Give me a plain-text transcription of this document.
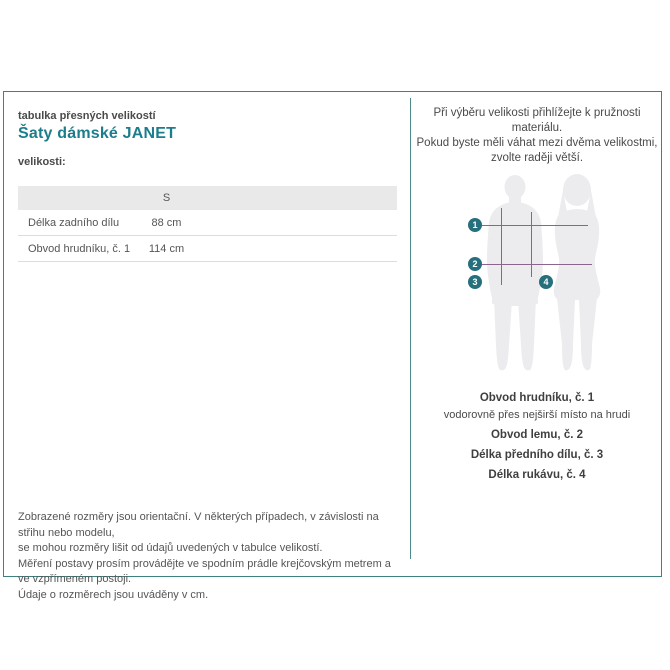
tabulka přesných velikostí
Šaty dámské JANET
velikosti:
S
Délka zadního dílu	88 cm
Obvod hrudníku, č. 1	114 cm
Zobrazené rozměry jsou orientační. V některých případech, v závislosti na střihu nebo modelu,
se mohou rozměry lišit od údajů uvedených v tabulce velikostí.
Měření postavy prosím provádějte ve spodním prádle krejčovským metrem a ve vzpřímeném postoji.
Údaje o rozměrech jsou uváděny v cm.
Při výběru velikosti přihlížejte k pružnosti materiálu.
Pokud byste měli váhat mezi dvěma velikostmi,
zvolte raději větší.
1
2
3	4
Obvod hrudníku, č. 1
vodorovně přes nejširší místo na hrudi
Obvod lemu, č. 2
Délka předního dílu, č. 3
Délka rukávu, č. 4
